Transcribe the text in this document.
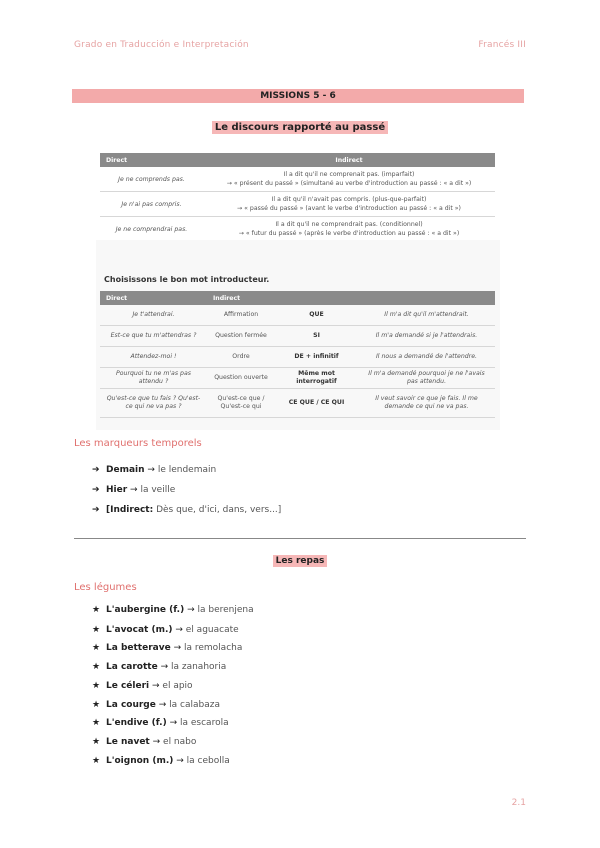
Grado en Traducción e Interpretación	Francés III
MISSIONS 5 - 6
Le discours rapporté au passé
Direct	Indirect
Je ne comprends pas.	Il a dit qu'il ne comprenait pas. (imparfait)
→ « présent du passé » (simultané au verbe d'introduction au passé : « a dit »)

Je n'ai pas compris.	Il a dit qu'il n'avait pas compris. (plus-que-parfait)
→ « passé du passé » (avant le verbe d'introduction au passé : « a dit »)

Je ne comprendrai pas.	Il a dit qu'il ne comprendrait pas. (conditionnel)
→ « futur du passé » (après le verbe d'introduction au passé : « a dit »)
Choisissons le bon mot introducteur.
Direct	Indirect		
Je t'attendrai.	Affirmation	QUE	Il m'a dit qu'il m'attendrait.
Est-ce que tu m'attendras ?	Question fermée	SI	Il m'a demandé si je l'attendrais.
Attendez-moi !	Ordre	DE + infinitif	Il nous a demandé de l'attendre.
Pourquoi tu ne m'as pas attendu ?	Question ouverte	Même mot interrogatif	Il m'a demandé pourquoi je ne l'avais pas attendu.
Qu'est-ce que tu fais ? Qu'est-ce qui ne va pas ?	Qu'est-ce que / Qu'est-ce qui	CE QUE / CE QUI	Il veut savoir ce que je fais. Il me demande ce qui ne va pas.
Les marqueurs temporels
➔ Demain → le lendemain
➔ Hier → la veille
➔ [Indirect: Dès que, d'ici, dans, vers...]
Les repas
Les légumes
★ L'aubergine (f.) → la berenjena
★ L'avocat (m.) → el aguacate
★ La betterave → la remolacha
★ La carotte → la zanahoria
★ Le céleri → el apio
★ La courge → la calabaza
★ L'endive (f.) → la escarola
★ Le navet → el nabo
★ L'oignon (m.) → la cebolla
2.1
